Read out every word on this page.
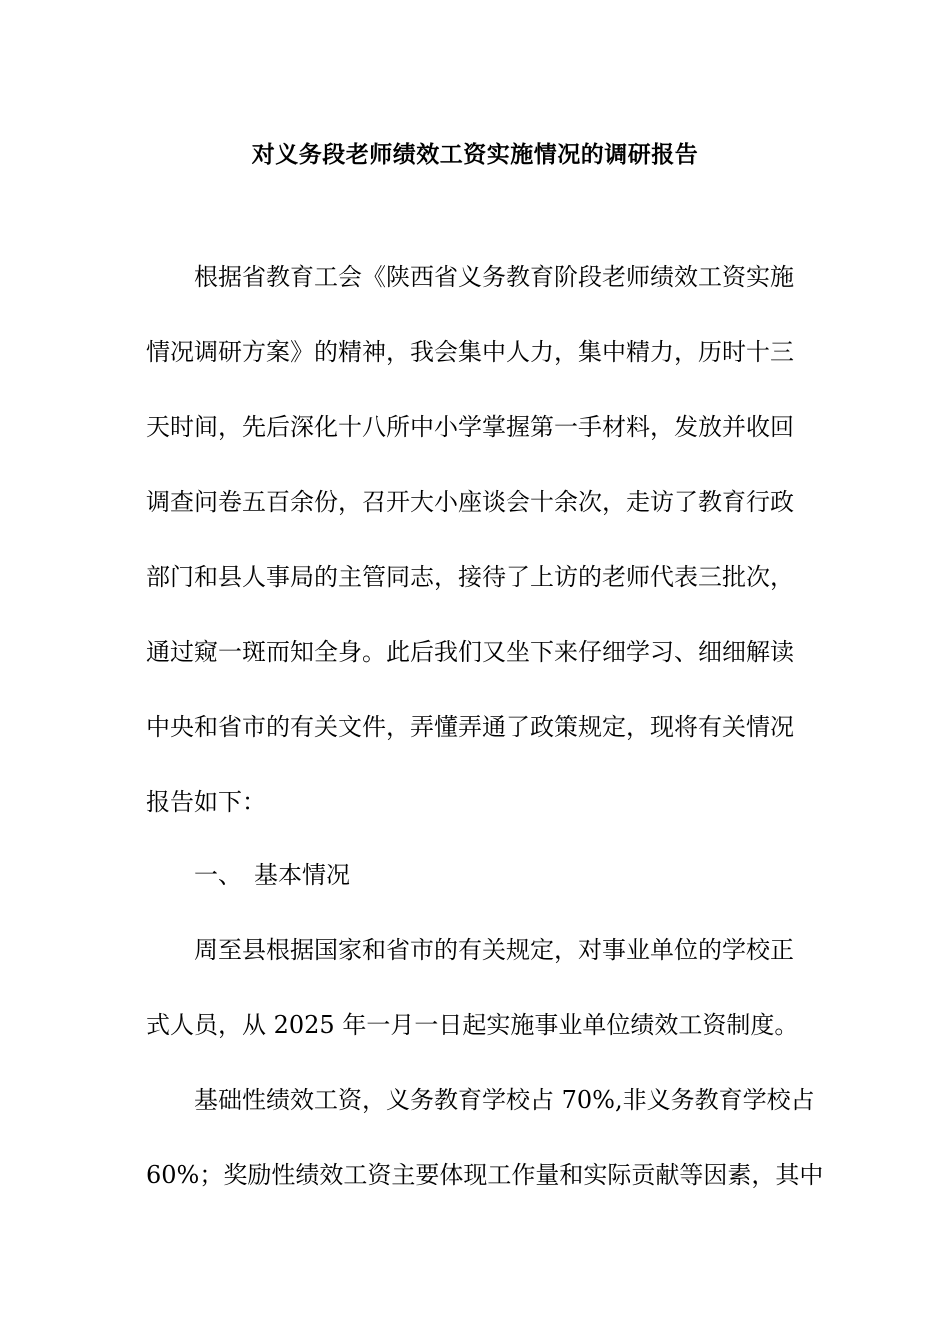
对义务段老师绩效工资实施情况的调研报告
根据省教育工会《陕西省义务教育阶段老师绩效工资实施
情况调研方案》的精神，我会集中人力，集中精力，历时十三
天时间，先后深化十八所中小学掌握第一手材料，发放并收回
调查问卷五百余份，召开大小座谈会十余次，走访了教育行政
部门和县人事局的主管同志，接待了上访的老师代表三批次，
通过窥一斑而知全身。此后我们又坐下来仔细学习、细细解读
中央和省市的有关文件，弄懂弄通了政策规定，现将有关情况
报告如下：
一、 基本情况
周至县根据国家和省市的有关规定，对事业单位的学校正
式人员，从 2025 年一月一日起实施事业单位绩效工资制度。
基础性绩效工资，义务教育学校占 70%,非义务教育学校占
60%；奖励性绩效工资主要体现工作量和实际贡献等因素，其中
